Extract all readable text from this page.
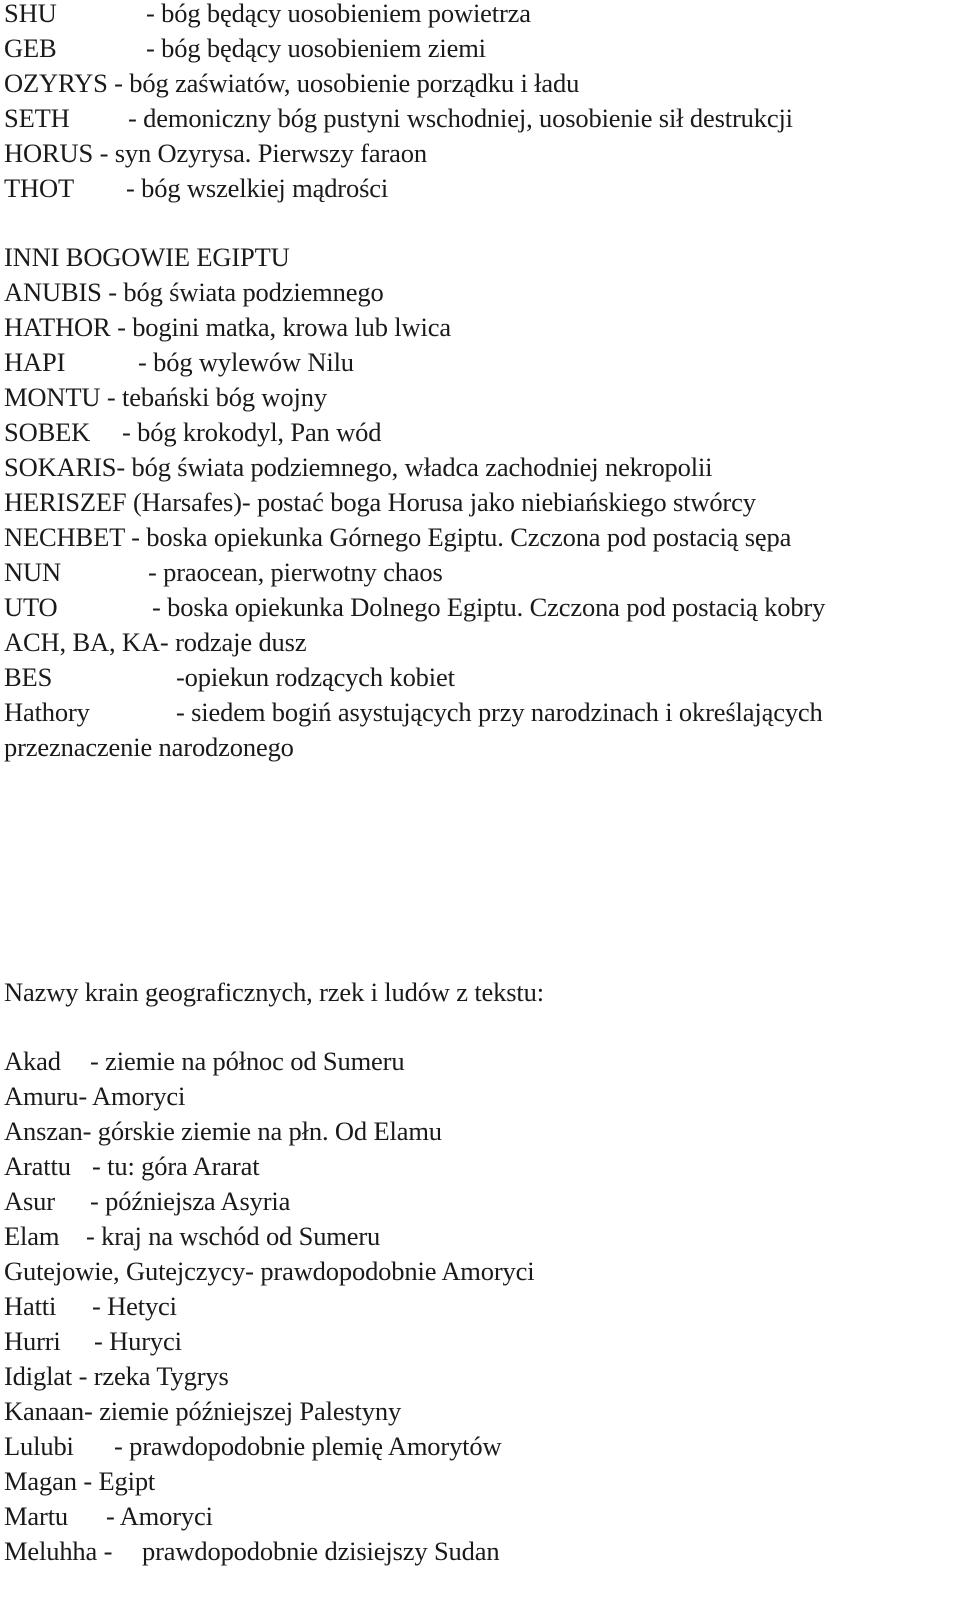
SHU	- bóg będący uosobieniem powietrza
GEB	- bóg będący uosobieniem ziemi
OZYRYS - bóg zaświatów, uosobienie porządku i ładu
SETH - demoniczny bóg pustyni wschodniej, uosobienie sił destrukcji
HORUS - syn Ozyrysa. Pierwszy faraon
THOT - bóg wszelkiej mądrości
INNI BOGOWIE EGIPTU
ANUBIS - bóg świata podziemnego
HATHOR - bogini matka, krowa lub lwica
HAPI	- bóg wylewów Nilu
MONTU - tebański bóg wojny
SOBEK - bóg krokodyl, Pan wód
SOKARIS- bóg świata podziemnego, władca zachodniej nekropolii
HERISZEF (Harsafes)- postać boga Horusa jako niebiańskiego stwórcy
NECHBET - boska opiekunka Górnego Egiptu. Czczona pod postacią sępa
NUN	- praocean, pierwotny chaos
UTO	- boska opiekunka Dolnego Egiptu. Czczona pod postacią kobry
ACH, BA, KA- rodzaje dusz
BES	-opiekun rodzących kobiet
Hathory	- siedem bogiń asystujących przy narodzinach i określających
przeznaczenie narodzonego
Nazwy krain geograficznych, rzek i ludów z tekstu:
Akad - ziemie na północ od Sumeru
Amuru- Amoryci
Anszan- górskie ziemie na płn. Od Elamu
Arattu - tu: góra Ararat
Asur - późniejsza Asyria
Elam - kraj na wschód od Sumeru
Gutejowie, Gutejczycy- prawdopodobnie Amoryci
Hatti - Hetyci
Hurri - Huryci
Idiglat - rzeka Tygrys
Kanaan- ziemie późniejszej Palestyny
Lulubi - prawdopodobnie plemię Amorytów
Magan - Egipt
Martu - Amoryci
Meluhha - prawdopodobnie dzisiejszy Sudan
